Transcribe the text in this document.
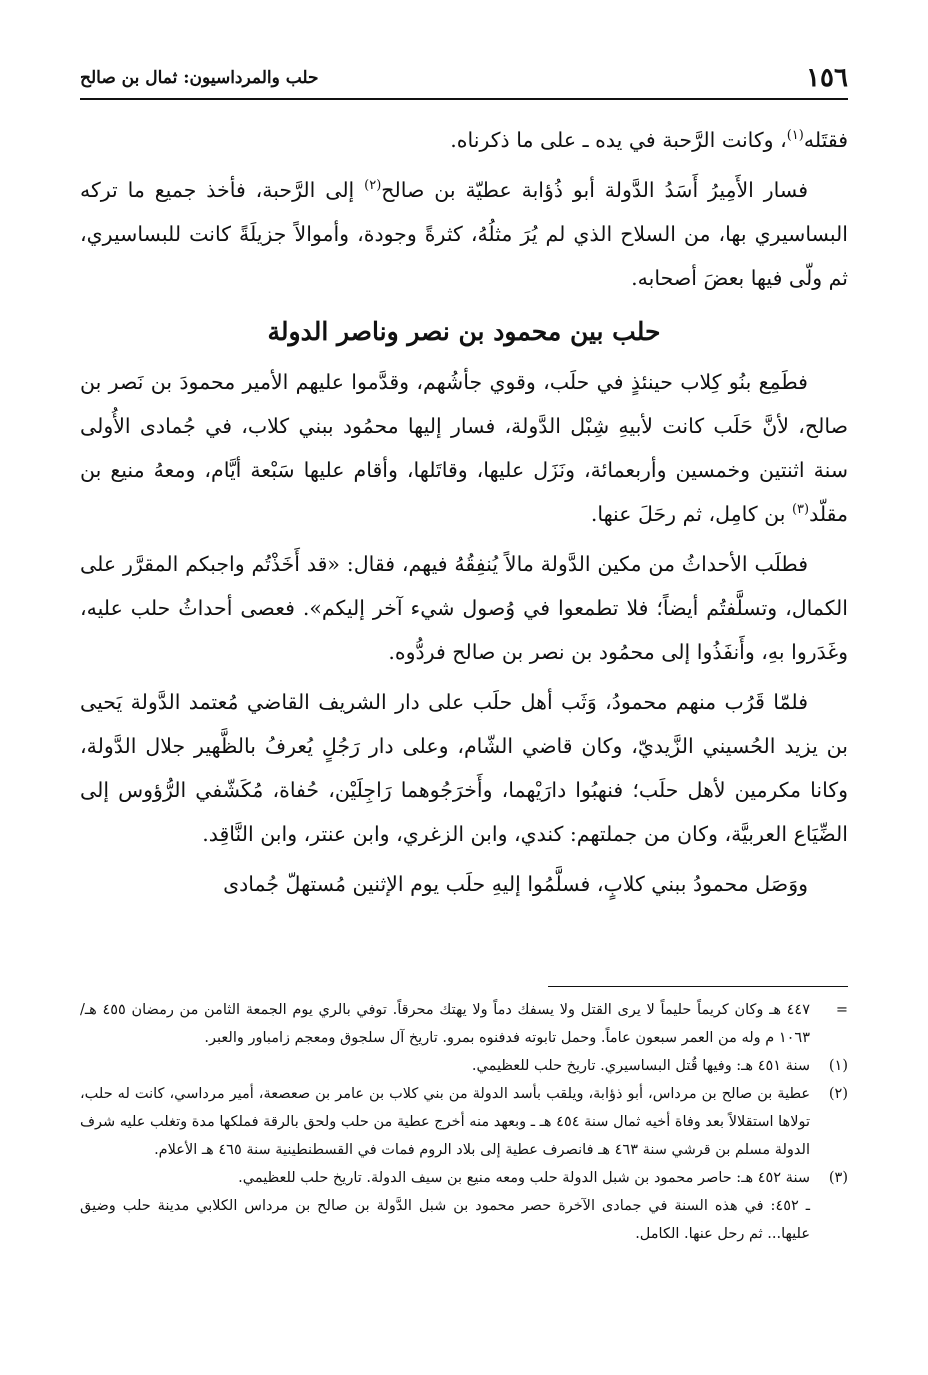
١٥٦
حلب والمرداسيون: ثمال بن صالح

فقتَله$^{(١)}$، وكانت الرَّحبة في يده ـ على ما ذكرناه.

فسار الأَمِيرُ أَسَدُ الدَّولة أبو ذُؤابة عطيّة بن صالح$^{(٢)}$ إلى الرَّحبة، فأخذ جميع ما تركه البساسيري بها، من السلاح الذي لم يُرَ مثلُهُ، كثرةً وجودة، وأموالاً جزيلَةً كانت للبساسيري، ثم ولّى فيها بعضَ أصحابه.

حلب بين محمود بن نصر وناصر الدولة

فطَمِع بنُو كِلاب حينئذٍ في حلَب، وقوي جأشُهم، وقدَّموا عليهم الأمير محمودَ بن نَصر بن صالح، لأنَّ حَلَب كانت لأبيهِ شِبْل الدَّولة، فسار إليها محمُود ببني كلاب، في جُمادى الأُولى سنة اثنتين وخمسين وأربعمائة، ونَزَل عليها، وقاتَلها، وأقام عليها سَبْعة أيَّام، ومعهُ منيع بن مقلّد$^{(٣)}$ بن كامِل، ثم رحَلَ عنها.

فطلَب الأحداثُ من مكين الدَّولة مالاً يُنفِقُهُ فيهم، فقال: «قد أَخَذْتُم واجبكم المقرَّر على الكمال، وتسلَّفتُم أيضاً؛ فلا تطمعوا في وُصول شيء آخر إليكم». فعصى أحداثُ حلب عليه، وغَدَروا بهِ، وأَنفَذُوا إلى محمُود بن نصر بن صالح فردُّوه.

فلمّا قَرُب منهم محمودُ، وَثَب أهل حلَب على دار الشريف القاضي مُعتمد الدَّولة يَحيى بن يزيد الحُسيني الزَّيديّ، وكان قاضي الشّام، وعلى دار رَجُلٍ يُعرفُ بالظَّهير جلال الدَّولة، وكانا مكرمين لأهل حلَب؛ فنهبُوا دارَيْهما، وأَخرَجُوهما رَاجِلَيْن، حُفاة، مُكَشّفي الرُّؤوس إلى الضِّيَاع العربيَّة، وكان من جملتهم: كندي، وابن الزغري، وابن عنتر، وابن النَّاقِد.

ووَصَل محمودُ ببني كلابٍ، فسلَّمُوا إليهِ حلَب يوم الإثنين مُستهلّ جُمادى

=
٤٤٧ هـ وكان كريماً حليماً لا يرى القتل ولا يسفك دماً ولا يهتك محرقاً. توفي بالري يوم الجمعة الثامن من رمضان ٤٥٥ هـ/ ١٠٦٣ م وله من العمر سبعون عاماً. وحمل تابوته فدفنوه بمرو. تاريخ آل سلجوق ومعجم زامباور والعبر.
(١)
سنة ٤٥١ هـ: وفيها قُتل البساسيري. تاريخ حلب للعظيمي.
(٢)
عطية بن صالح بن مرداس، أبو ذؤابة، ويلقب بأسد الدولة من بني كلاب بن عامر بن صعصعة، أمير مرداسي، كانت له حلب، تولاها استقلالاً بعد وفاة أخيه ثمال سنة ٤٥٤ هـ ـ وبعهد منه أخرج عطية من حلب ولحق بالرقة فملكها مدة وتغلب عليه شرف الدولة مسلم بن قرشي سنة ٤٦٣ هـ فانصرف عطية إلى بلاد الروم فمات في القسطنطينية سنة ٤٦٥ هـ الأعلام.
(٣)
سنة ٤٥٢ هـ: حاصر محمود بن شبل الدولة حلب ومعه منيع بن سيف الدولة. تاريخ حلب للعظيمي.
ـ ٤٥٢: في هذه السنة في جمادى الآخرة حصر محمود بن شبل الدَّولة بن صالح بن مرداس الكلابي مدينة حلب وضيق عليها... ثم رحل عنها. الكامل.
